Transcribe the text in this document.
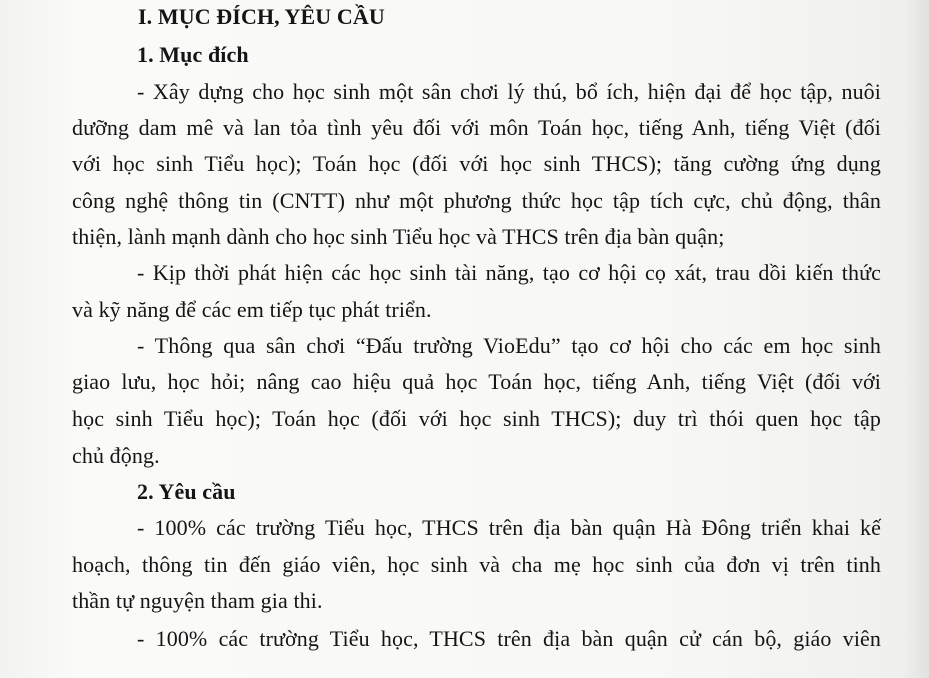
I. MỤC ĐÍCH, YÊU CẦU
1. Mục đích
- Xây dựng cho học sinh một sân chơi lý thú, bổ ích, hiện đại để học tập, nuôi
dưỡng dam mê và lan tỏa tình yêu đối với môn Toán học, tiếng Anh, tiếng Việt (đối
với học sinh Tiểu học); Toán học (đối với học sinh THCS); tăng cường ứng dụng
công nghệ thông tin (CNTT) như một phương thức học tập tích cực, chủ động, thân
thiện, lành mạnh dành cho học sinh Tiểu học và THCS trên địa bàn quận;
- Kịp thời phát hiện các học sinh tài năng, tạo cơ hội cọ xát, trau dồi kiến thức
và kỹ năng để các em tiếp tục phát triển.
- Thông qua sân chơi “Đấu trường VioEdu” tạo cơ hội cho các em học sinh
giao lưu, học hỏi; nâng cao hiệu quả học Toán học, tiếng Anh, tiếng Việt (đối với
học sinh Tiểu học); Toán học (đối với học sinh THCS); duy trì thói quen học tập
chủ động.
2. Yêu cầu
- 100% các trường Tiểu học, THCS trên địa bàn quận Hà Đông triển khai kế
hoạch, thông tin đến giáo viên, học sinh và cha mẹ học sinh của đơn vị trên tinh
thần tự nguyện tham gia thi.
- 100% các trường Tiểu học, THCS trên địa bàn quận cử cán bộ, giáo viên
